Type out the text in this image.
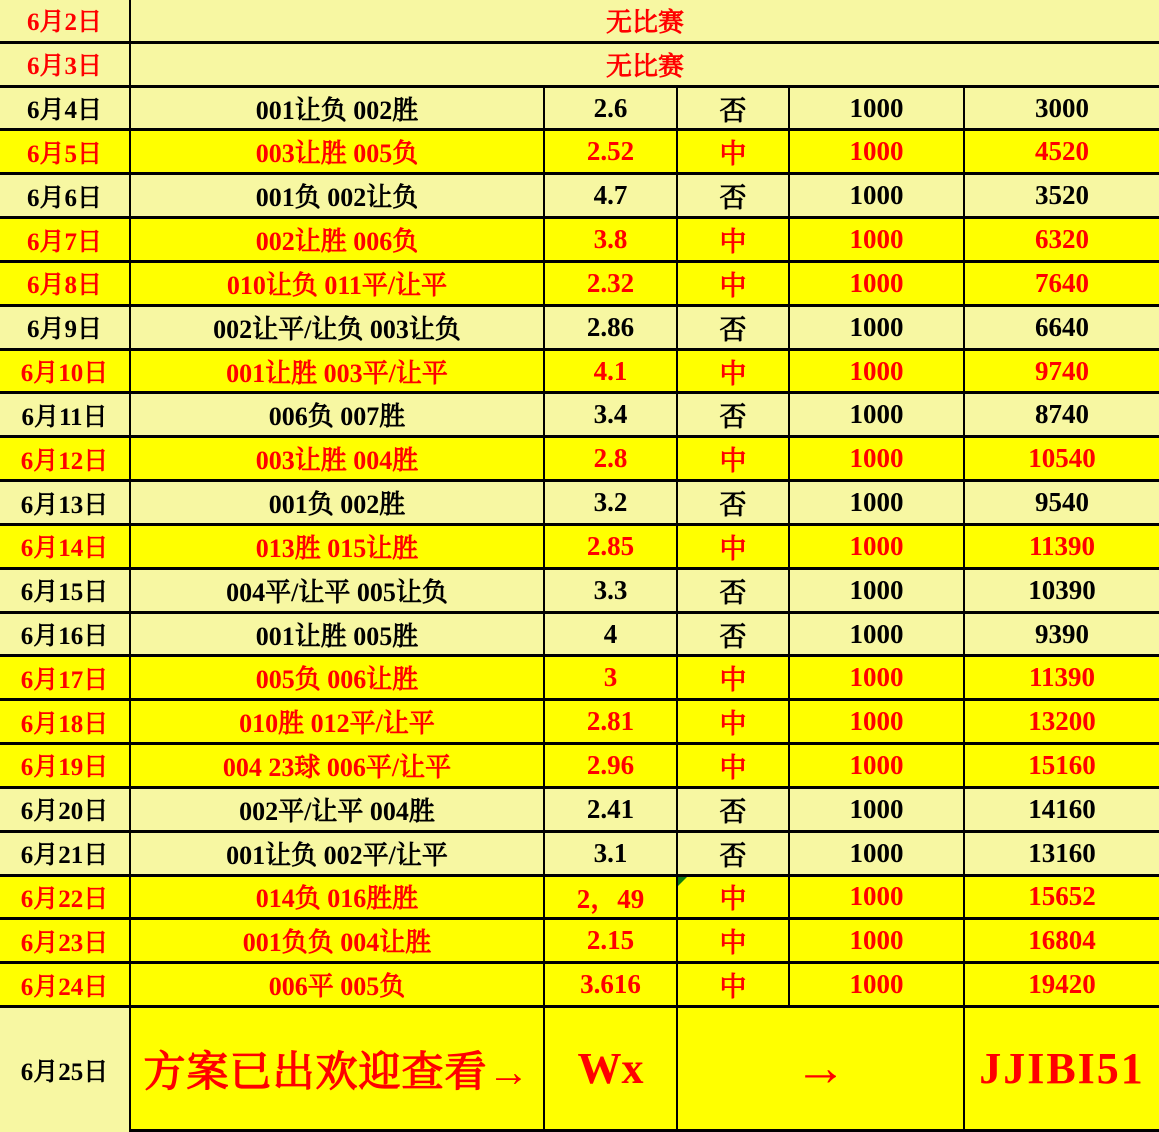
6月2日	无比赛
6月3日	无比赛
6月4日	001让负 002胜	2.6	否	1000	3000
6月5日	003让胜 005负	2.52	中	1000	4520
6月6日	001负 002让负	4.7	否	1000	3520
6月7日	002让胜 006负	3.8	中	1000	6320
6月8日	010让负 011平/让平	2.32	中	1000	7640
6月9日	002让平/让负 003让负	2.86	否	1000	6640
6月10日	001让胜 003平/让平	4.1	中	1000	9740
6月11日	006负 007胜	3.4	否	1000	8740
6月12日	003让胜 004胜	2.8	中	1000	10540
6月13日	001负 002胜	3.2	否	1000	9540
6月14日	013胜 015让胜	2.85	中	1000	11390
6月15日	004平/让平 005让负	3.3	否	1000	10390
6月16日	001让胜 005胜	4	否	1000	9390
6月17日	005负 006让胜	3	中	1000	11390
6月18日	010胜 012平/让平	2.81	中	1000	13200
6月19日	004 23球 006平/让平	2.96	中	1000	15160
6月20日	002平/让平 004胜	2.41	否	1000	14160
6月21日	001让负 002平/让平	3.1	否	1000	13160
6月22日	014负 016胜胜	2，49	中	1000	15652
6月23日	001负负 004让胜	2.15	中	1000	16804
6月24日	006平 005负	3.616	中	1000	19420
6月25日 方案已出欢迎查看→	Wx	→	JJIBI51
